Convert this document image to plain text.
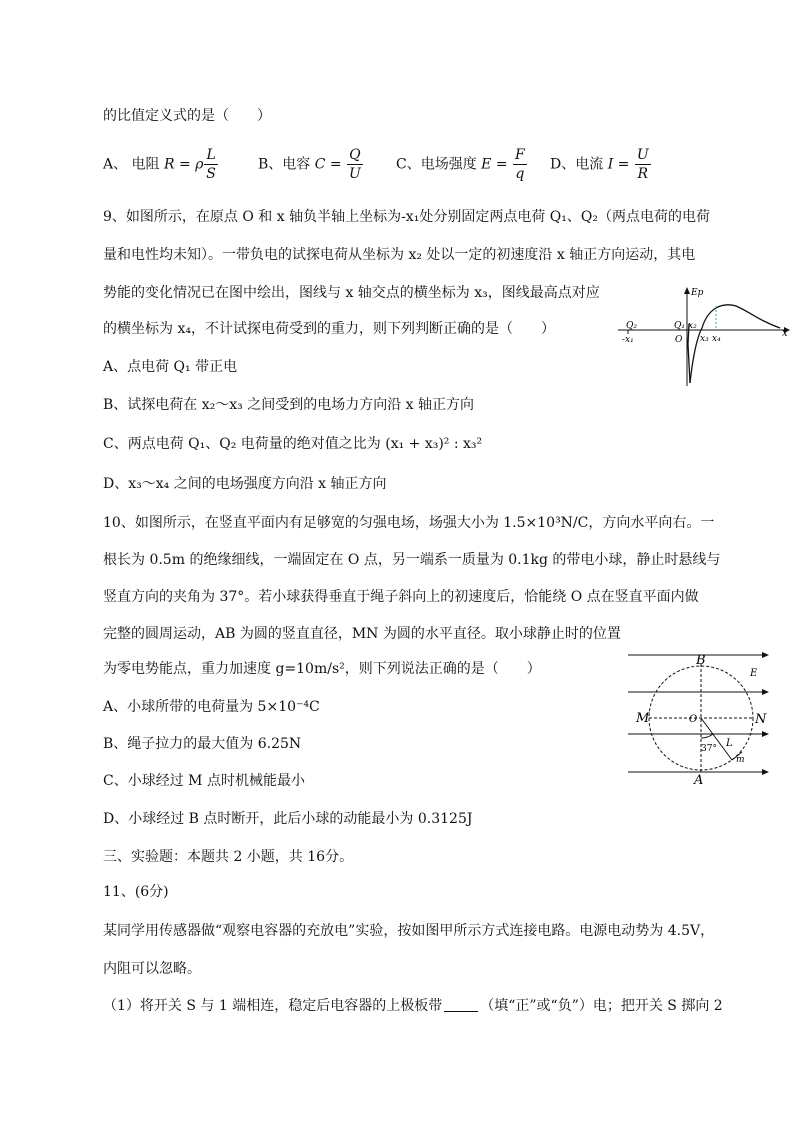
的比值定义式的是（　　）
A、 电阻 R = ρ $\frac{L}{S}$	B、电容 $C = \frac{Q}{U}$ C、电场强度 $E = \frac{F}{q}$ D、电流 $I = \frac{U}{R}$
9、如图所示，在原点 O 和 x 轴负半轴上坐标为-x₁处分别固定两点电荷 Q₁、Q₂（两点电荷的电荷
量和电性均未知）。一带负电的试探电荷从坐标为 x₂ 处以一定的初速度沿 x 轴正方向运动，其电
势能的变化情况已在图中绘出，图线与 x 轴交点的横坐标为 x₃，图线最高点对应
的横坐标为 x₄，不计试探电荷受到的重力，则下列判断正确的是（　　）
A、点电荷 Q₁ 带正电
B、试探电荷在 x₂～x₃ 之间受到的电场力方向沿 x 轴正方向
C、两点电荷 Q₁、Q₂ 电荷量的绝对值之比为 (x₁ + x₃)² : x₃²
D、x₃～x₄ 之间的电场强度方向沿 x 轴正方向
Ep
x
Q₂	Q₁
-x₁	O
x₂
x₃ x₄
10、如图所示，在竖直平面内有足够宽的匀强电场，场强大小为 1.5×10³N/C，方向水平向右。一
根长为 0.5m 的绝缘细线，一端固定在 O 点，另一端系一质量为 0.1kg 的带电小球，静止时悬线与
竖直方向的夹角为 37°。若小球获得垂直于绳子斜向上的初速度后，恰能绕 O 点在竖直平面内做
完整的圆周运动，AB 为圆的竖直直径，MN 为圆的水平直径。取小球静止时的位置
为零电势能点，重力加速度 g=10m/s²，则下列说法正确的是（　　）
A、小球所带的电荷量为 5×10⁻⁴C
B、绳子拉力的最大值为 6.25N
C、小球经过 M 点时机械能最小
D、小球经过 B 点时断开，此后小球的动能最小为 0.3125J
B
E
M	O	N
L
37°
m
A
三、实验题：本题共 2 小题，共 16分。
11、(6分)
某同学用传感器做“观察电容器的充放电”实验，按如图甲所示方式连接电路。电源电动势为 4.5V，
内阻可以忽略。
（1）将开关 S 与 1 端相连，稳定后电容器的上极板带	（填“正”或“负”）电；把开关 S 掷向 2
